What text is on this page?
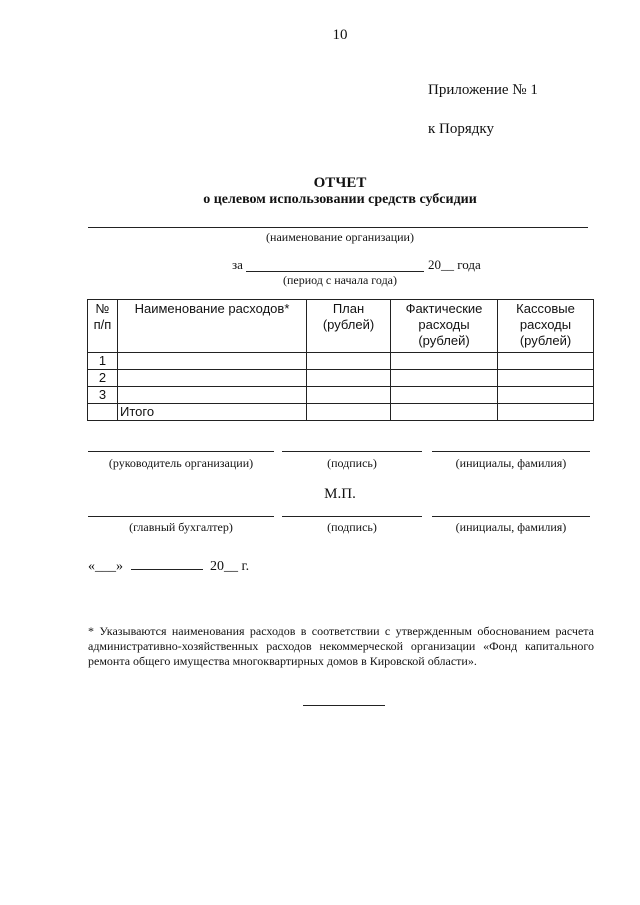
10
Приложение № 1
к Порядку
ОТЧЕТ
о целевом использовании средств субсидии
(наименование организации)
за	20__ года
(период с начала года)
№ п/п	Наименование расходов*	План (рублей)	Фактические расходы (рублей)	Кассовые расходы (рублей)
1				
2				
3				
	Итого			
(руководитель организации)	(подпись)	(инициалы, фамилия)
М.П.
(главный бухгалтер)	(подпись)	(инициалы, фамилия)
«___»	20__ г.
* Указываются наименования расходов в соответствии с утвержденным обоснованием расчета административно-хозяйственных расходов некоммерческой организации «Фонд капитального ремонта общего имущества многоквартирных домов в Кировской области».
